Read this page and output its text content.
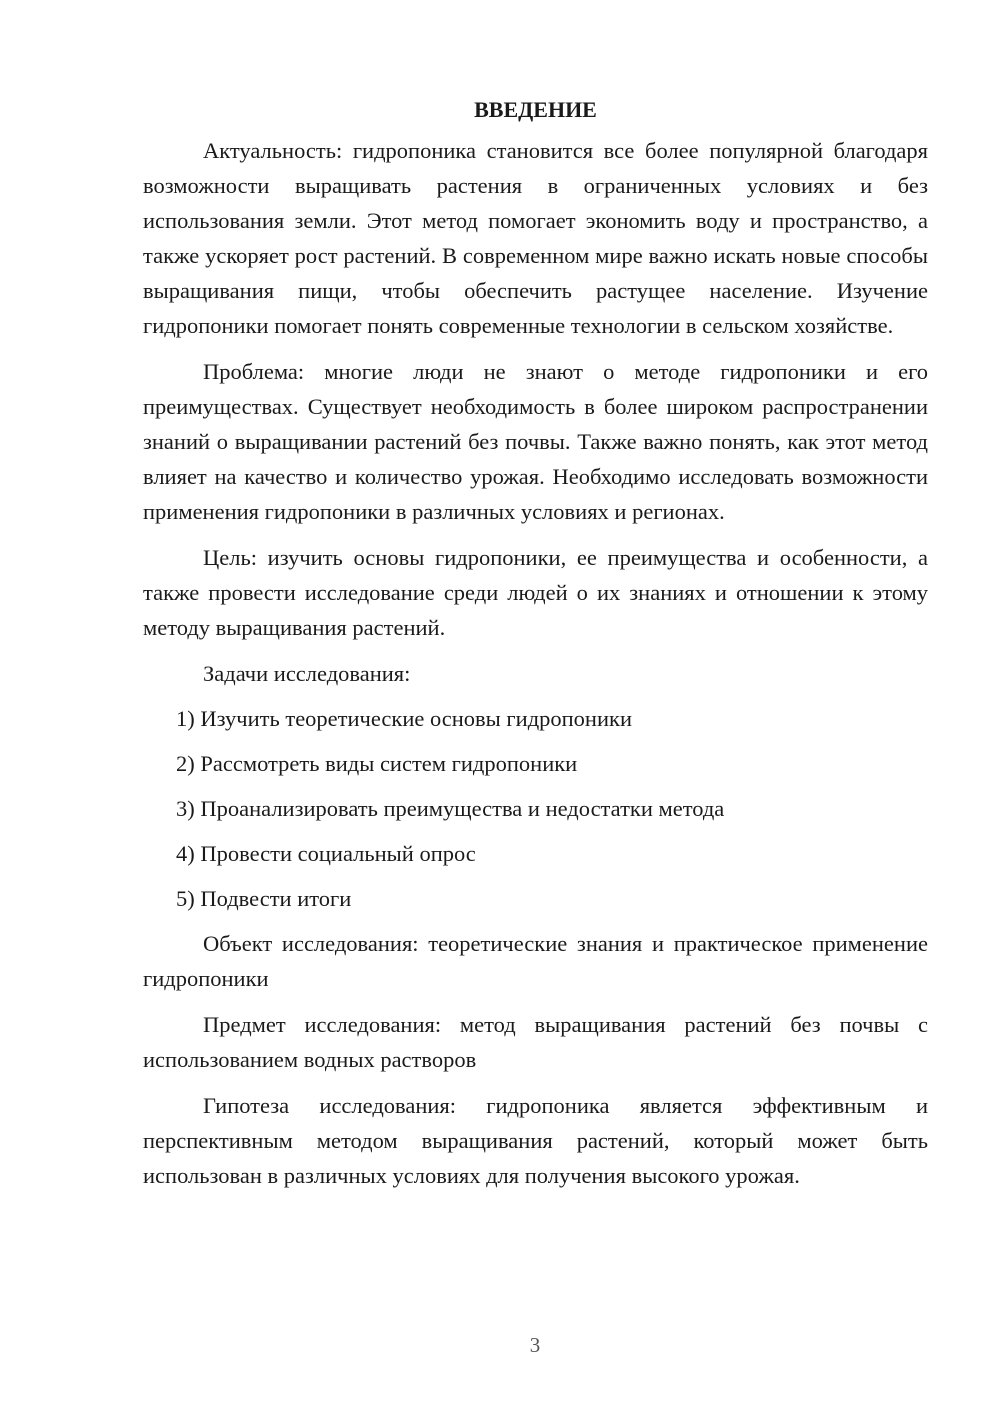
ВВЕДЕНИЕ

Актуальность: гидропоника становится все более популярной благодаря возможности выращивать растения в ограниченных условиях и без использования земли. Этот метод помогает экономить воду и пространство, а также ускоряет рост растений. В современном мире важно искать новые способы выращивания пищи, чтобы обеспечить растущее население. Изучение гидропоники помогает понять современные технологии в сельском хозяйстве.

Проблема: многие люди не знают о методе гидропоники и его преимуществах. Существует необходимость в более широком распространении знаний о выращивании растений без почвы. Также важно понять, как этот метод влияет на качество и количество урожая. Необходимо исследовать возможности применения гидропоники в различных условиях и регионах.

Цель: изучить основы гидропоники, ее преимущества и особенности, а также провести исследование среди людей о их знаниях и отношении к этому методу выращивания растений.

Задачи исследования:

1) Изучить теоретические основы гидропоники
2) Рассмотреть виды систем гидропоники
3) Проанализировать преимущества и недостатки метода
4) Провести социальный опрос
5) Подвести итоги

Объект исследования: теоретические знания и практическое применение гидропоники

Предмет исследования: метод выращивания растений без почвы с использованием водных растворов

Гипотеза исследования: гидропоника является эффективным и перспективным методом выращивания растений, который может быть использован в различных условиях для получения высокого урожая.

3
